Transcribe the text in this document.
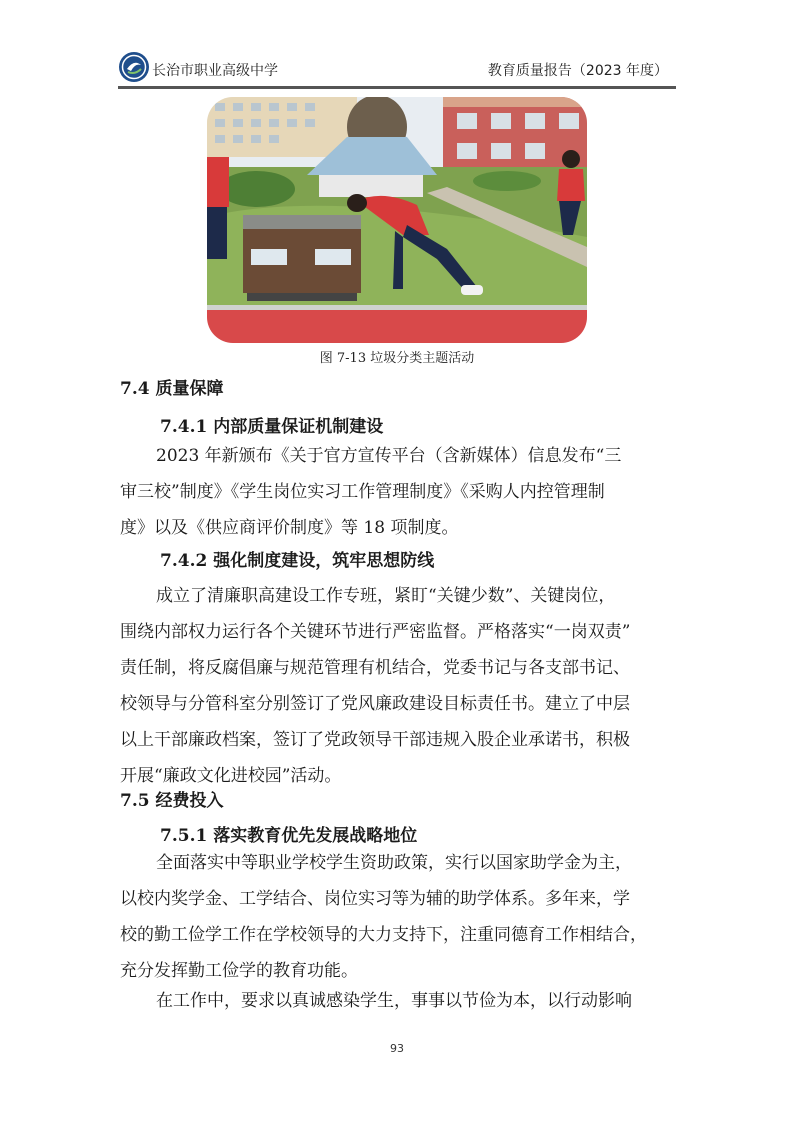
长治市职业高级中学	教育质量报告（2023 年度）
图 7-13 垃圾分类主题活动
7.4 质量保障
7.4.1 内部质量保证机制建设

2023 年新颁布《关于官方宣传平台（含新媒体）信息发布“三

审三校”制度》《学生岗位实习工作管理制度》《采购人内控管理制

度》以及《供应商评价制度》等 18 项制度。

7.4.2 强化制度建设，筑牢思想防线

成立了清廉职高建设工作专班，紧盯“关键少数”、关键岗位，

围绕内部权力运行各个关键环节进行严密监督。严格落实“一岗双责”

责任制，将反腐倡廉与规范管理有机结合，党委书记与各支部书记、

校领导与分管科室分别签订了党风廉政建设目标责任书。建立了中层

以上干部廉政档案，签订了党政领导干部违规入股企业承诺书，积极

开展“廉政文化进校园”活动。

7.5 经费投入
7.5.1 落实教育优先发展战略地位

全面落实中等职业学校学生资助政策，实行以国家助学金为主，

以校内奖学金、工学结合、岗位实习等为辅的助学体系。多年来，学

校的勤工俭学工作在学校领导的大力支持下，注重同德育工作相结合，

充分发挥勤工俭学的教育功能。

在工作中，要求以真诚感染学生，事事以节俭为本，以行动影响

93
